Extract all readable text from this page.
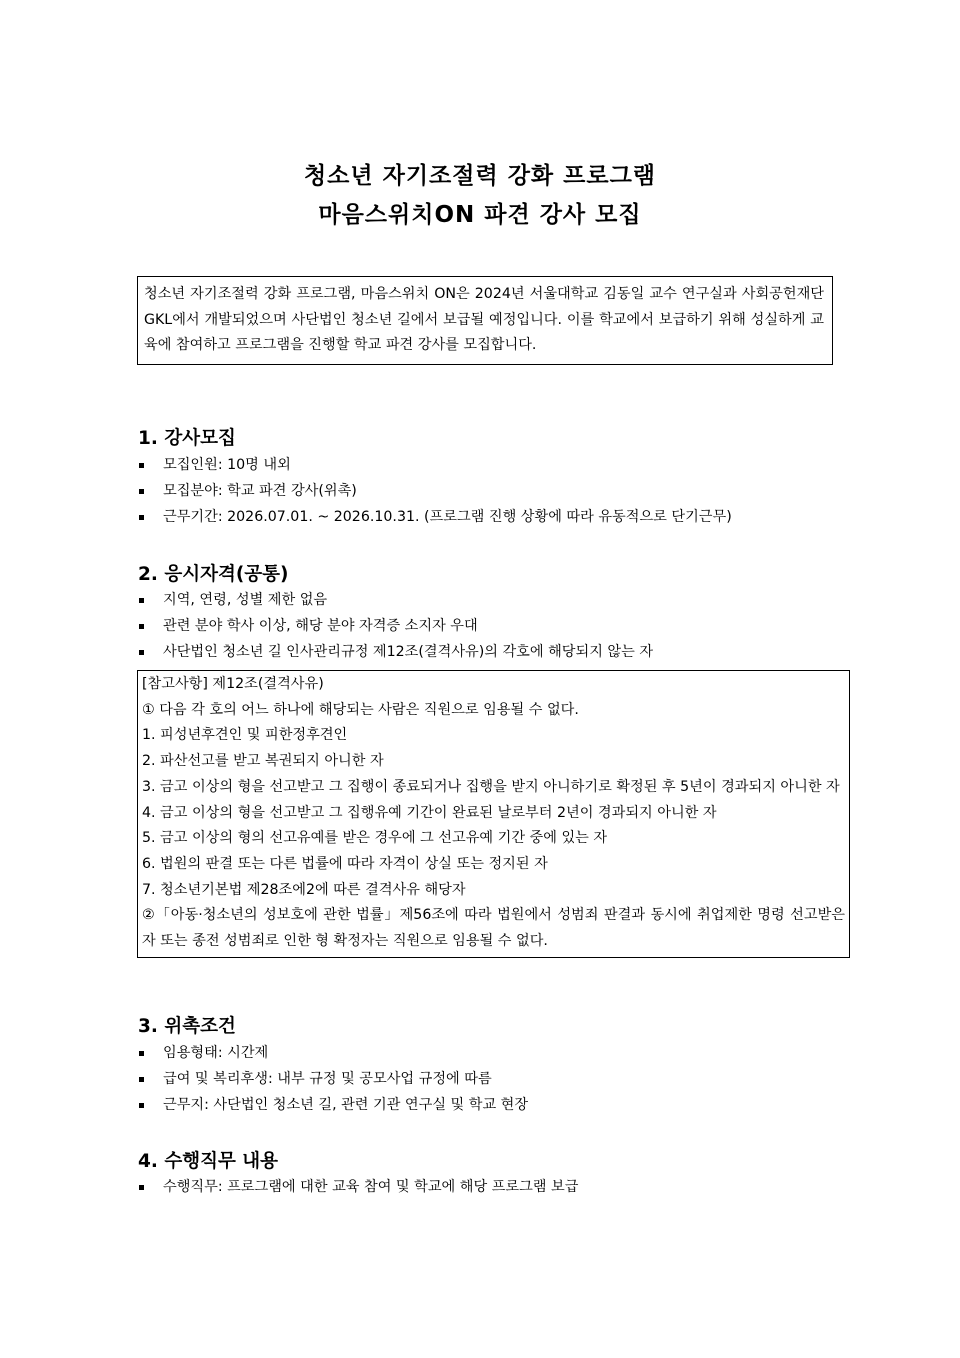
청소년 자기조절력 강화 프로그램
마음스위치ON 파견 강사 모집
청소년 자기조절력 강화 프로그램, 마음스위치 ON은 2024년 서울대학교 김동일 교수 연구실과 사회공헌재단 GKL에서 개발되었으며 사단법인 청소년 길에서 보급될 예정입니다. 이를 학교에서 보급하기 위해 성실하게 교육에 참여하고 프로그램을 진행할 학교 파견 강사를 모집합니다.
1. 강사모집
모집인원: 10명 내외
모집분야: 학교 파견 강사(위촉)
근무기간: 2026.07.01. ~ 2026.10.31. (프로그램 진행 상황에 따라 유동적으로 단기근무)
2. 응시자격(공통)
지역, 연령, 성별 제한 없음
관련 분야 학사 이상, 해당 분야 자격증 소지자 우대
사단법인 청소년 길 인사관리규정 제12조(결격사유)의 각호에 해당되지 않는 자
[참고사항] 제12조(결격사유)
① 다음 각 호의 어느 하나에 해당되는 사람은 직원으로 임용될 수 없다.
1. 피성년후견인 및 피한정후견인
2. 파산선고를 받고 복권되지 아니한 자
3. 금고 이상의 형을 선고받고 그 집행이 종료되거나 집행을 받지 아니하기로 확정된 후 5년이 경과되지 아니한 자
4. 금고 이상의 형을 선고받고 그 집행유예 기간이 완료된 날로부터 2년이 경과되지 아니한 자
5. 금고 이상의 형의 선고유예를 받은 경우에 그 선고유예 기간 중에 있는 자
6. 법원의 판결 또는 다른 법률에 따라 자격이 상실 또는 정지된 자
7. 청소년기본법 제28조에2에 따른 결격사유 해당자
②「아동·청소년의 성보호에 관한 법률」제56조에 따라 법원에서 성범죄 판결과 동시에 취업제한 명령 선고받은 자 또는 종전 성범죄로 인한 형 확정자는 직원으로 임용될 수 없다.
3. 위촉조건
임용형태: 시간제
급여 및 복리후생: 내부 규정 및 공모사업 규정에 따름
근무지: 사단법인 청소년 길, 관련 기관 연구실 및 학교 현장
4. 수행직무 내용
수행직무: 프로그램에 대한 교육 참여 및 학교에 해당 프로그램 보급
